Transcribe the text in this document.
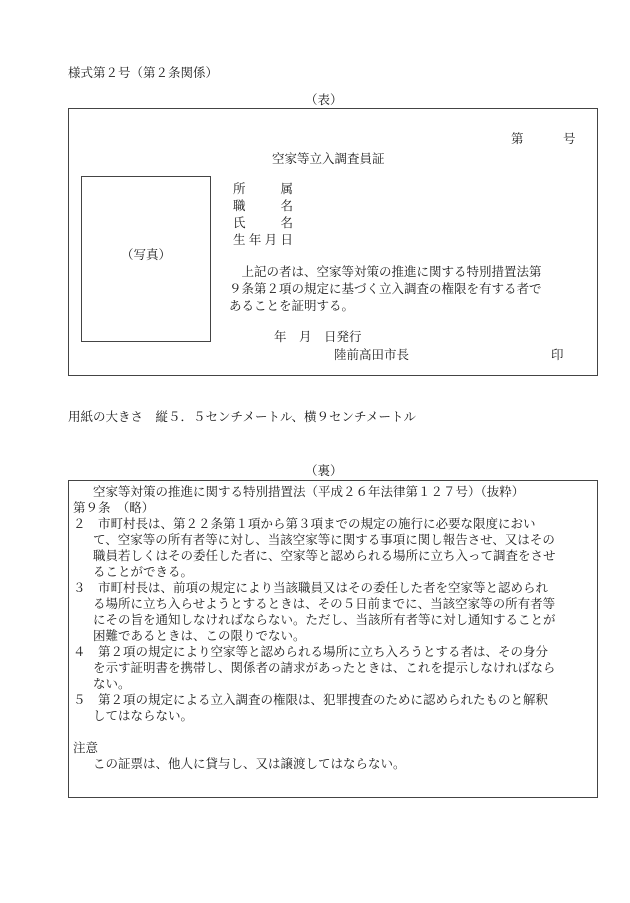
様式第２号（第２条関係）
（表）
第	号
空家等立入調査員証
（写真）
所属
職名
氏名
生年月日
上記の者は、空家等対策の推進に関する特別措置法第
９条第２項の規定に基づく立入調査の権限を有する者で
あることを証明する。
年　月　日発行
陸前高田市長	印
用紙の大きさ　縦５．５センチメートル、横９センチメートル
（裏）
空家等対策の推進に関する特別措置法（平成２６年法律第１２７号）（抜粋）
第９条　（略）
２　市町村長は、第２２条第１項から第３項までの規定の施行に必要な限度におい
て、空家等の所有者等に対し、当該空家等に関する事項に関し報告させ、又はその
職員若しくはその委任した者に、空家等と認められる場所に立ち入って調査をさせ
ることができる。
３　市町村長は、前項の規定により当該職員又はその委任した者を空家等と認められ
る場所に立ち入らせようとするときは、その５日前までに、当該空家等の所有者等
にその旨を通知しなければならない。ただし、当該所有者等に対し通知することが
困難であるときは、この限りでない。
４　第２項の規定により空家等と認められる場所に立ち入ろうとする者は、その身分
を示す証明書を携帯し、関係者の請求があったときは、これを提示しなければなら
ない。
５　第２項の規定による立入調査の権限は、犯罪捜査のために認められたものと解釈
してはならない。
注意
この証票は、他人に貸与し、又は譲渡してはならない。
